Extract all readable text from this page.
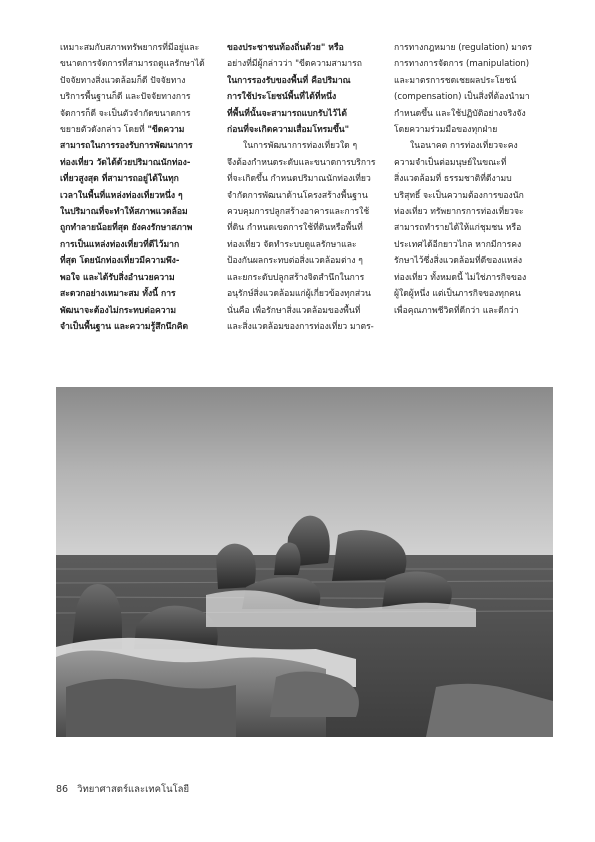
เหมาะสมกับสภาพทรัพยากรที่มีอยู่และ

ขนาดการจัดการที่สามารถดูแลรักษาได้

ปัจจัยทางสิ่งแวดล้อมก็ดี ปัจจัยทาง

บริการพื้นฐานก็ดี และปัจจัยทางการ

จัดการก็ดี จะเป็นตัวจำกัดขนาดการ

ขยายตัวดังกล่าว โดยที่ "ขีดความ

สามารถในการรองรับการพัฒนาการ

ท่องเที่ยว วัดได้ด้วยปริมาณนักท่อง-

เที่ยวสูงสุด ที่สามารถอยู่ได้ในทุก

เวลาในพื้นที่แหล่งท่องเที่ยวหนึ่ง ๆ

ในปริมาณที่จะทำให้สภาพแวดล้อม

ถูกทำลายน้อยที่สุด ยังคงรักษาสภาพ

การเป็นแหล่งท่องเที่ยวที่ดีไว้มาก

ที่สุด โดยนักท่องเที่ยวมีความพึง-

พอใจ และได้รับสิ่งอำนวยความ

สะดวกอย่างเหมาะสม ทั้งนี้ การ

พัฒนาจะต้องไม่กระทบต่อความ

จำเป็นพื้นฐาน และความรู้สึกนึกคิด

ของประชาชนท้องถิ่นด้วย" หรือ

อย่างที่มีผู้กล่าวว่า "ขีดความสามารถ

ในการรองรับของพื้นที่ คือปริมาณ

การใช้ประโยชน์พื้นที่ได้ที่หนึ่ง

ที่พื้นที่นั้นจะสามารถแบกรับไว้ได้

ก่อนที่จะเกิดความเสื่อมโทรมขึ้น"

ในการพัฒนาการท่องเที่ยวใด ๆ

จึงต้องกำหนดระดับและขนาดการบริการ

ที่จะเกิดขึ้น กำหนดปริมาณนักท่องเที่ยว

จำกัดการพัฒนาด้านโครงสร้างพื้นฐาน

ควบคุมการปลูกสร้างอาคารและการใช้

ที่ดิน กำหนดเขตการใช้ที่ดินหรือพื้นที่

ท่องเที่ยว จัดทำระบบดูแลรักษาและ

ป้องกันผลกระทบต่อสิ่งแวดล้อมต่าง ๆ

และยกระดับปลูกสร้างจิตสำนึกในการ

อนุรักษ์สิ่งแวดล้อมแก่ผู้เกี่ยวข้องทุกส่วน

นั่นคือ เพื่อรักษาสิ่งแวดล้อมของพื้นที่

และสิ่งแวดล้อมของการท่องเที่ยว มาตร-

การทางกฎหมาย (regulation) มาตร

การทางการจัดการ (manipulation)

และมาตรการชดเชยผลประโยชน์

(compensation) เป็นสิ่งที่ต้องนำมา

กำหนดขึ้น และใช้ปฏิบัติอย่างจริงจัง

โดยความร่วมมือของทุกฝ่าย

ในอนาคต การท่องเที่ยวจะคง

ความจำเป็นต่อมนุษย์ในขณะที่

สิ่งแวดล้อมที่ ธรรมชาติที่ดีงามบ

บริสุทธิ์ จะเป็นความต้องการของนัก

ท่องเที่ยว ทรัพยากรการท่องเที่ยวจะ

สามารถทำรายได้ให้แก่ชุมชน หรือ

ประเทศได้อีกยาวไกล หากมีการคง

รักษาไว้ซึ่งสิ่งแวดล้อมที่ดีของแหล่ง

ท่องเที่ยว ทั้งหมดนี้ ไม่ใช่ภารกิจของ

ผู้ใดผู้หนึ่ง แต่เป็นภารกิจของทุกคน

เพื่อคุณภาพชีวิตที่ดีกว่า และดีกว่า

86 วิทยาศาสตร์และเทคโนโลยี
